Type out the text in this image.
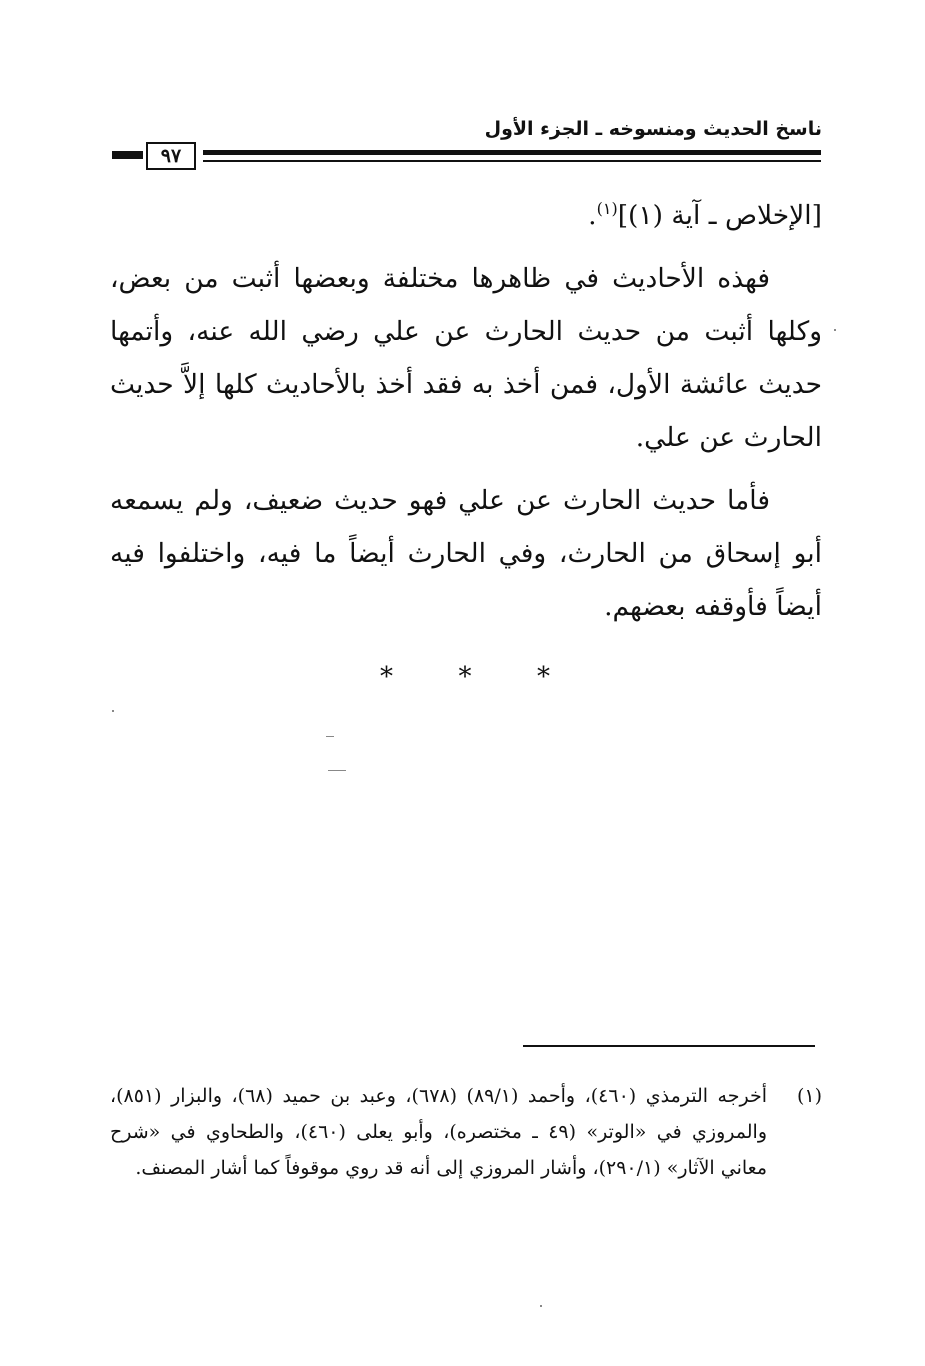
ناسخ الحديث ومنسوخه ـ الجزء الأول
٩٧

[الإخلاص ـ آية (١)]$^{(١)}$.

فهذه الأحاديث في ظاهرها مختلفة وبعضها أثبت من بعض، وكلها أثبت من حديث الحارث عن علي رضي الله عنه، وأتمها حديث عائشة الأول، فمن أخذ به فقد أخذ بالأحاديث كلها إلاَّ حديث الحارث عن علي.

فأما حديث الحارث عن علي فهو حديث ضعيف، ولم يسمعه أبو إسحاق من الحارث، وفي الحارث أيضاً ما فيه، واختلفوا فيه أيضاً فأوقفه بعضهم.

*	*	*
(١)
أخرجه الترمذي (٤٦٠)، وأحمد (٨٩/١) (٦٧٨)، وعبد بن حميد (٦٨)، والبزار (٨٥١)، والمروزي في «الوتر» (٤٩ ـ مختصره)، وأبو يعلى (٤٦٠)، والطحاوي في «شرح معاني الآثار» (٢٩٠/١)، وأشار المروزي إلى أنه قد روي موقوفاً كما أشار المصنف.
